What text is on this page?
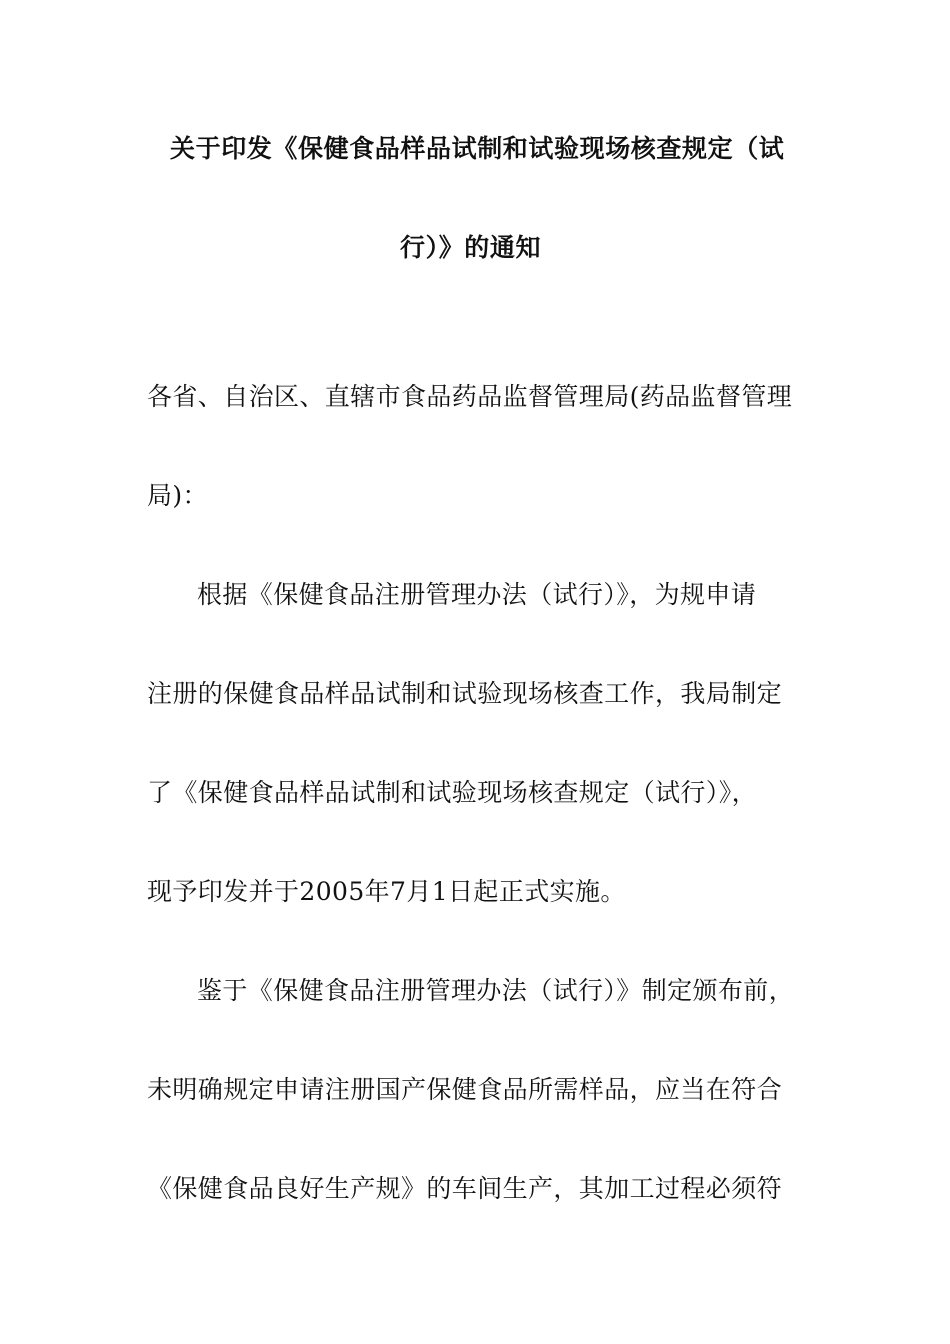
关于印发《保健食品样品试制和试验现场核查规定（试
行）》的通知
各省、自治区、直辖市食品药品监督管理局(药品监督管理
局)：
根据《保健食品注册管理办法（试行）》，为规申请
注册的保健食品样品试制和试验现场核查工作，我局制定
了《保健食品样品试制和试验现场核查规定（试行）》，
现予印发并于2005年7月1日起正式实施。
鉴于《保健食品注册管理办法（试行）》制定颁布前，
未明确规定申请注册国产保健食品所需样品，应当在符合
《保健食品良好生产规》的车间生产，其加工过程必须符
